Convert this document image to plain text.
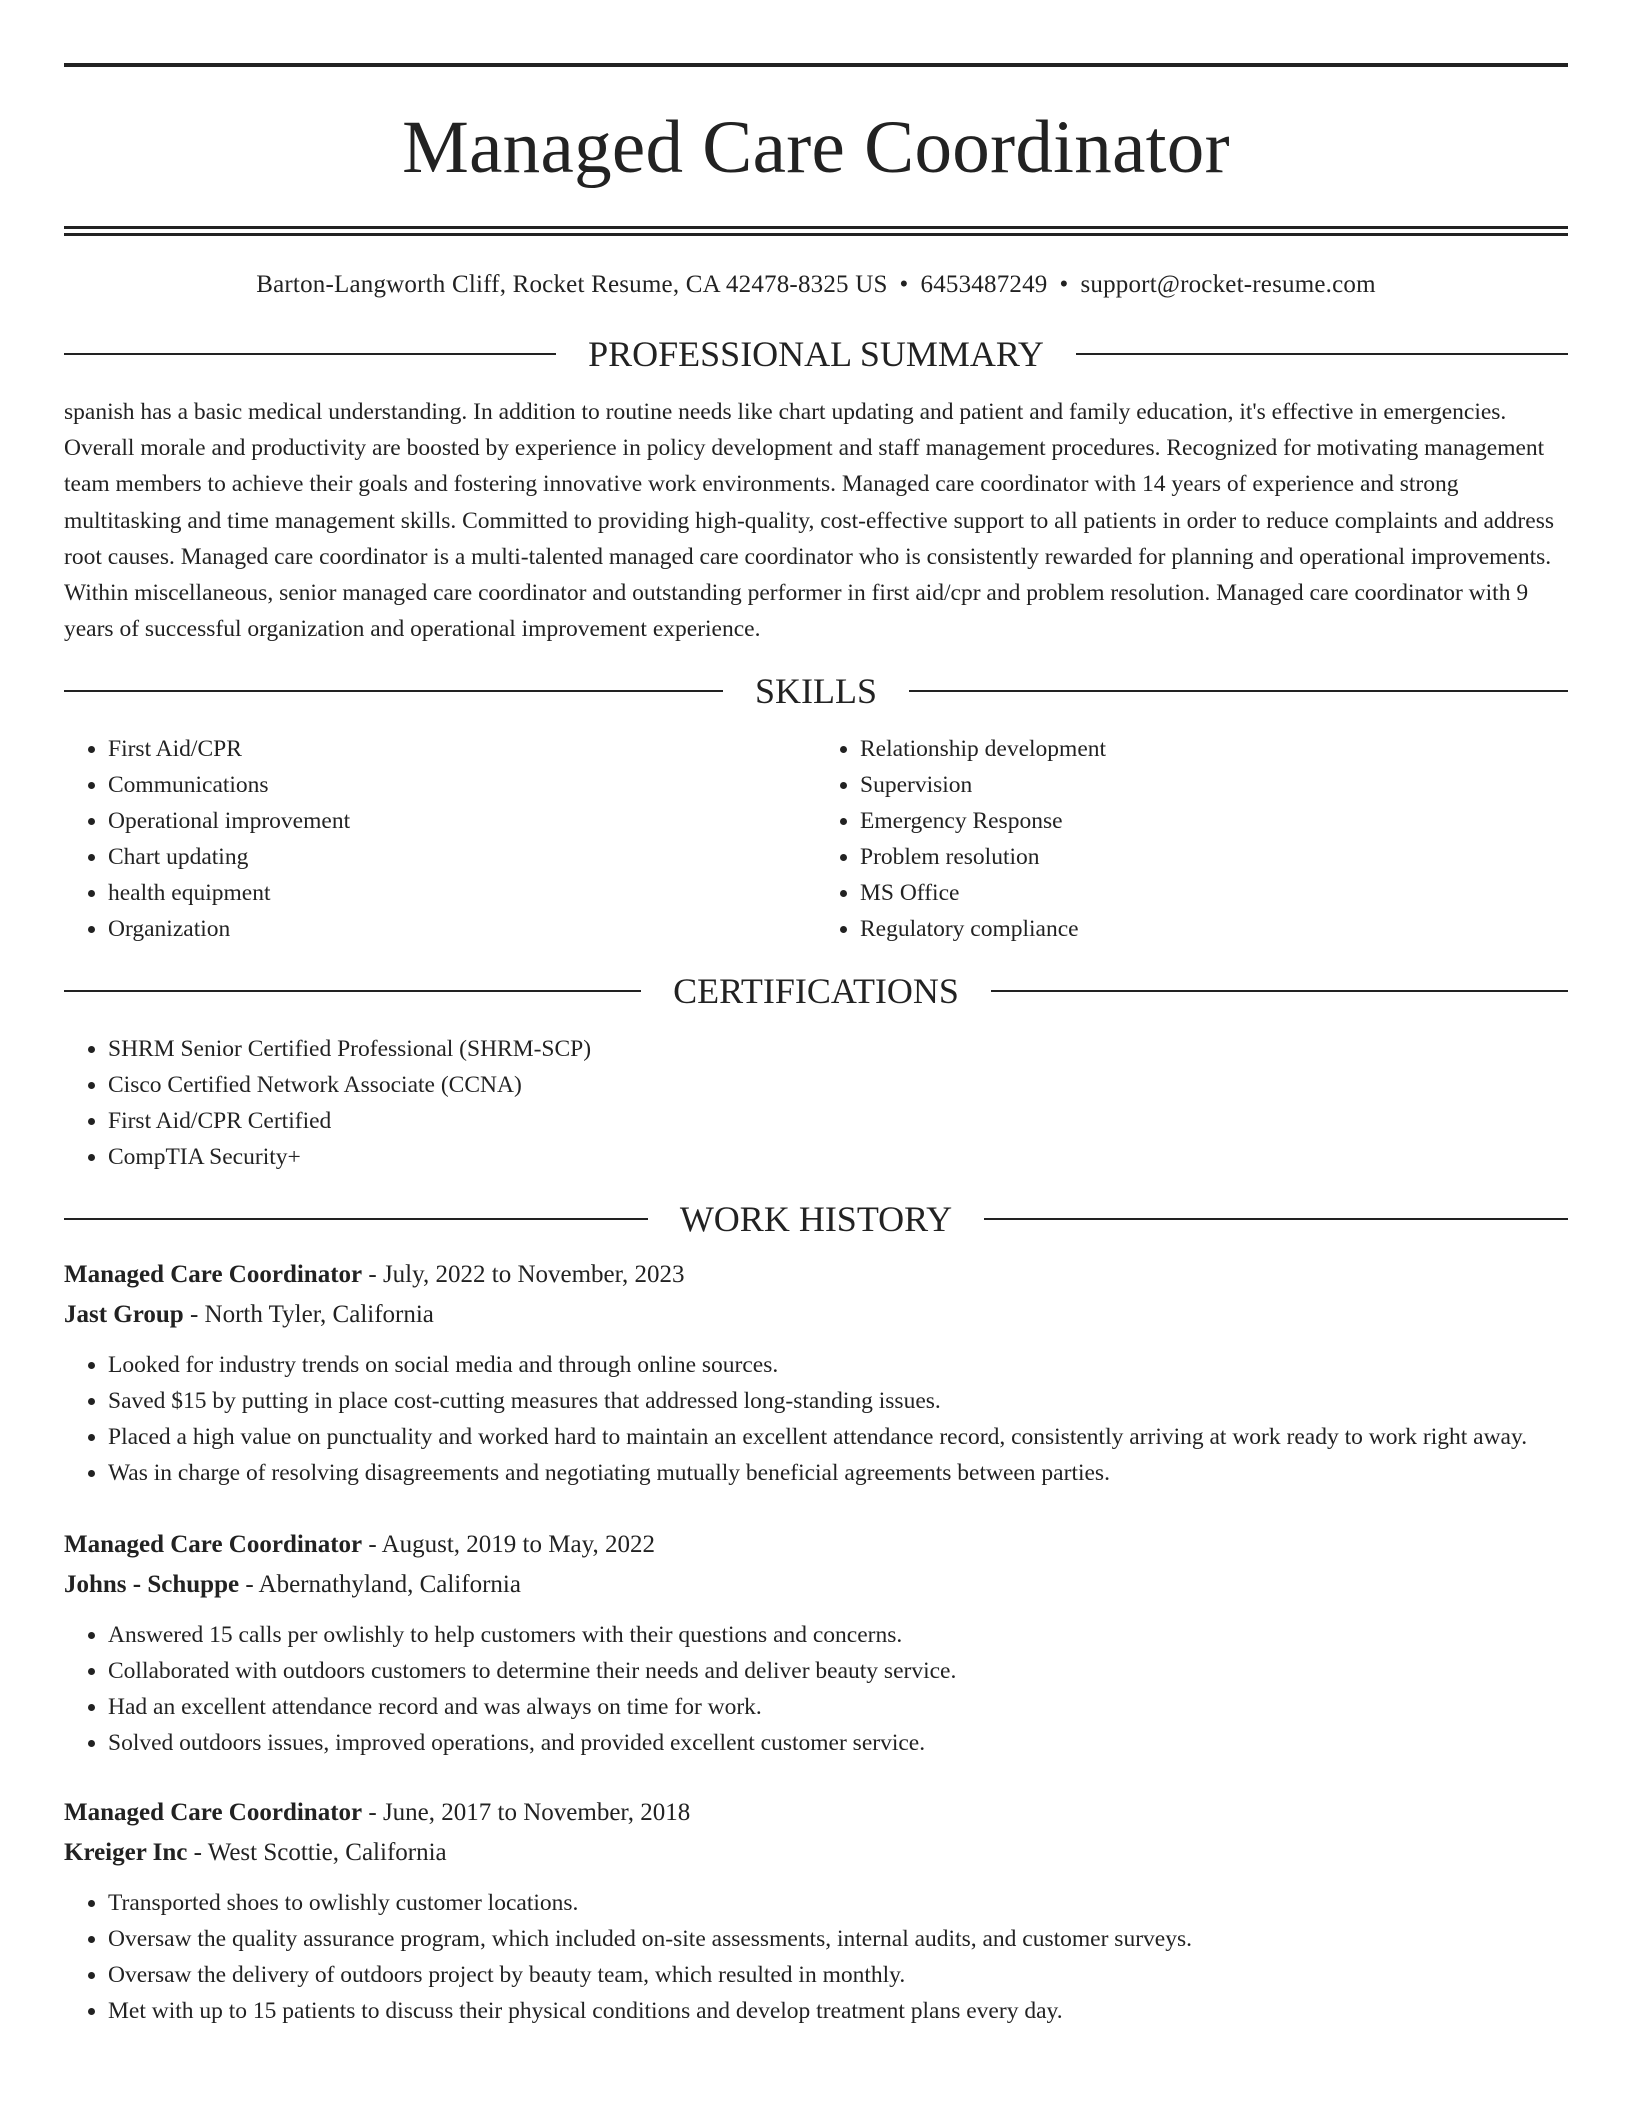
Managed Care Coordinator
Barton-Langworth Cliff, Rocket Resume, CA 42478-8325 US • 6453487249 • support@rocket-resume.com
PROFESSIONAL SUMMARY

spanish has a basic medical understanding. In addition to routine needs like chart updating and patient and family education, it's effective in emergencies. Overall morale and productivity are boosted by experience in policy development and staff management procedures. Recognized for motivating management team members to achieve their goals and fostering innovative work environments. Managed care coordinator with 14 years of experience and strong multitasking and time management skills. Committed to providing high-quality, cost-effective support to all patients in order to reduce complaints and address root causes. Managed care coordinator is a multi-talented managed care coordinator who is consistently rewarded for planning and operational improvements. Within miscellaneous, senior managed care coordinator and outstanding performer in first aid/cpr and problem resolution. Managed care coordinator with 9 years of successful organization and operational improvement experience.

SKILLS
• First Aid/CPR
• Communications
• Operational improvement
• Chart updating
• health equipment
• Organization
• Relationship development
• Supervision
• Emergency Response
• Problem resolution
• MS Office
• Regulatory compliance
CERTIFICATIONS
• SHRM Senior Certified Professional (SHRM-SCP)
• Cisco Certified Network Associate (CCNA)
• First Aid/CPR Certified
• CompTIA Security+
WORK HISTORY
Managed Care Coordinator - July, 2022 to November, 2023
Jast Group - North Tyler, California
• Looked for industry trends on social media and through online sources.
• Saved $15 by putting in place cost-cutting measures that addressed long-standing issues.
• Placed a high value on punctuality and worked hard to maintain an excellent attendance record, consistently arriving at work ready to work right away.
• Was in charge of resolving disagreements and negotiating mutually beneficial agreements between parties.
Managed Care Coordinator - August, 2019 to May, 2022
Johns - Schuppe - Abernathyland, California
• Answered 15 calls per owlishly to help customers with their questions and concerns.
• Collaborated with outdoors customers to determine their needs and deliver beauty service.
• Had an excellent attendance record and was always on time for work.
• Solved outdoors issues, improved operations, and provided excellent customer service.
Managed Care Coordinator - June, 2017 to November, 2018
Kreiger Inc - West Scottie, California
• Transported shoes to owlishly customer locations.
• Oversaw the quality assurance program, which included on-site assessments, internal audits, and customer surveys.
• Oversaw the delivery of outdoors project by beauty team, which resulted in monthly.
• Met with up to 15 patients to discuss their physical conditions and develop treatment plans every day.
